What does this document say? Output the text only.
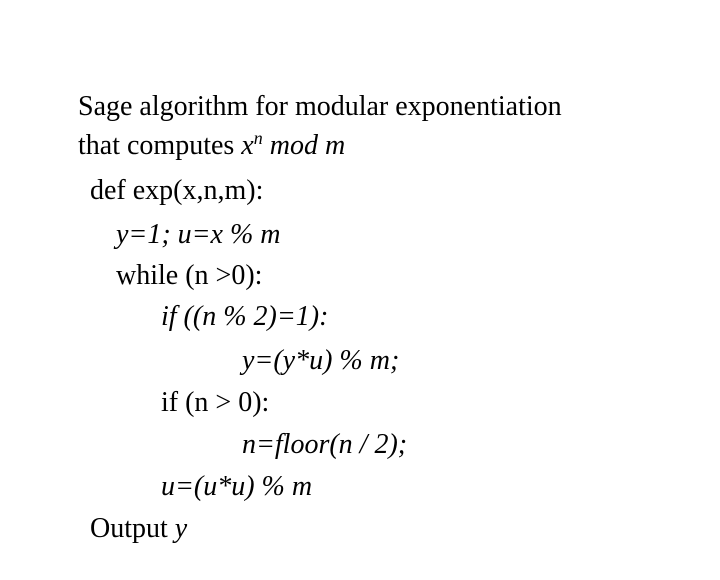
Sage algorithm for modular exponentiation

that computes $x^n$ mod m

def exp(x,n,m):

y=1; u=x % m

while (n >0):

if ((n % 2)=1):

y=(y*u) % m;

if (n > 0):

n=floor(n / 2);

u=(u*u) % m

Output y
